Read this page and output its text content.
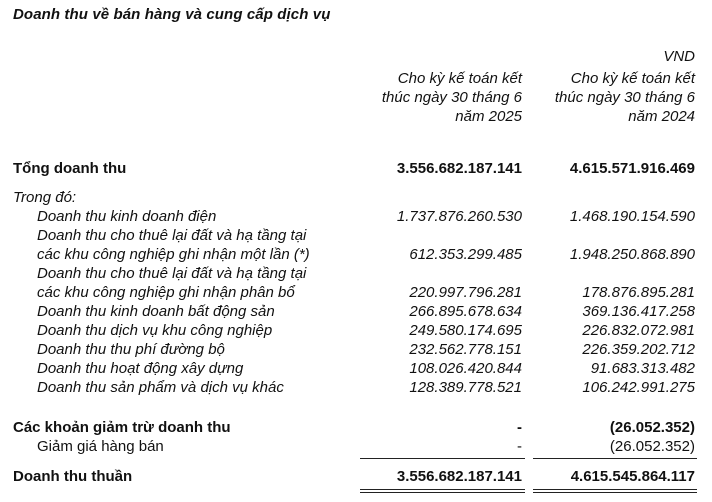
Doanh thu về bán hàng và cung cấp dịch vụ
VND
Cho kỳ kế toán kết
thúc ngày 30 tháng 6
năm 2025
Cho kỳ kế toán kết
thúc ngày 30 tháng 6
năm 2024
Tổng doanh thu	3.556.682.187.141	4.615.571.916.469
Trong đó:
Doanh thu kinh doanh điện	1.737.876.260.530	1.468.190.154.590
Doanh thu cho thuê lại đất và hạ tầng tại
các khu công nghiệp ghi nhận một lần (*)	612.353.299.485	1.948.250.868.890
Doanh thu cho thuê lại đất và hạ tầng tại
các khu công nghiệp ghi nhận phân bổ	220.997.796.281	178.876.895.281
Doanh thu kinh doanh bất động sản	266.895.678.634	369.136.417.258
Doanh thu dịch vụ khu công nghiệp	249.580.174.695	226.832.072.981
Doanh thu thu phí đường bộ	232.562.778.151	226.359.202.712
Doanh thu hoạt động xây dựng	108.026.420.844	91.683.313.482
Doanh thu sản phẩm và dịch vụ khác	128.389.778.521	106.242.991.275
Các khoản giảm trừ doanh thu	-	(26.052.352)
Giảm giá hàng bán	-	(26.052.352)
Doanh thu thuần	3.556.682.187.141	4.615.545.864.117
